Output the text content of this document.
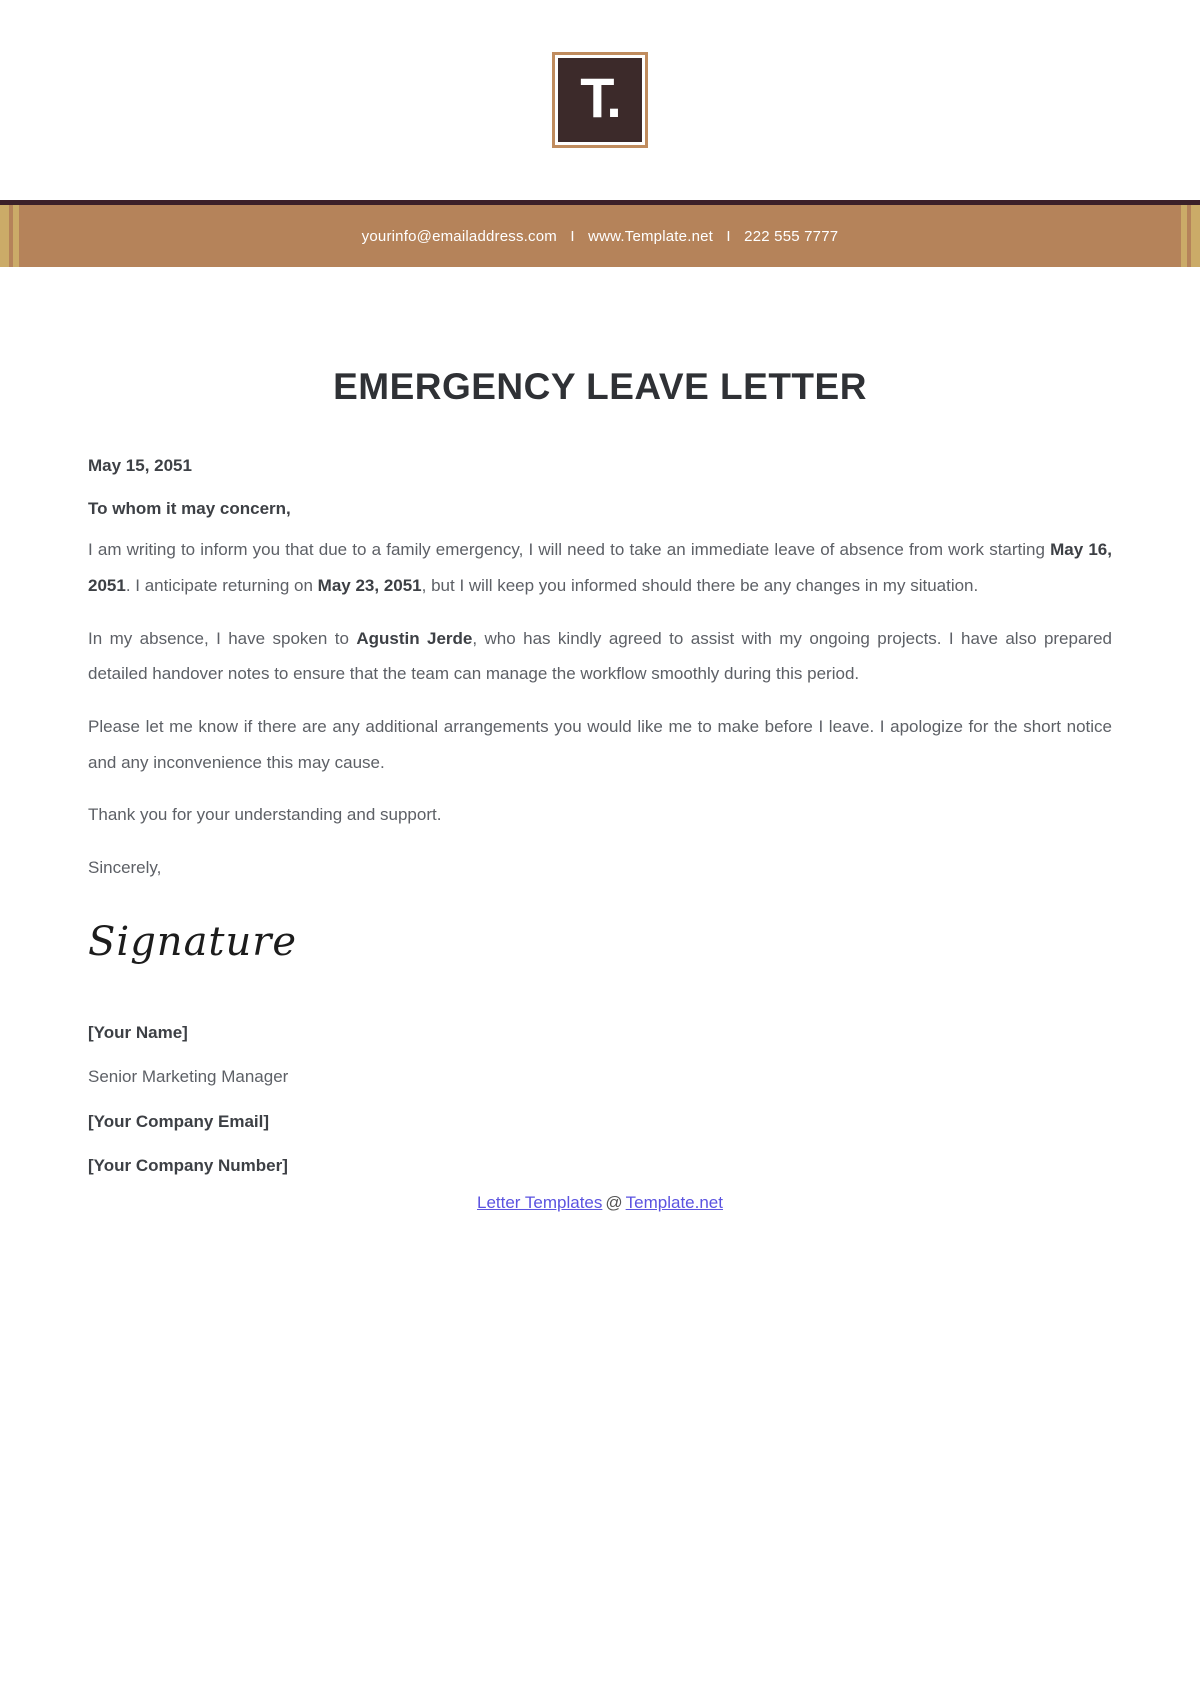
T.
yourinfo@emailaddress.com I www.Template.net I 222 555 7777
EMERGENCY LEAVE LETTER
May 15, 2051
To whom it may concern,

I am writing to inform you that due to a family emergency, I will need to take an immediate leave of absence from work starting May 16, 2051. I anticipate returning on May 23, 2051, but I will keep you informed should there be any changes in my situation.

In my absence, I have spoken to Agustin Jerde, who has kindly agreed to assist with my ongoing projects. I have also prepared detailed handover notes to ensure that the team can manage the workflow smoothly during this period.

Please let me know if there are any additional arrangements you would like me to make before I leave. I apologize for the short notice and any inconvenience this may cause.

Thank you for your understanding and support.

Sincerely,

Signature
[Your Name]
Senior Marketing Manager
[Your Company Email]
[Your Company Number]
Letter Templates @ Template.net
